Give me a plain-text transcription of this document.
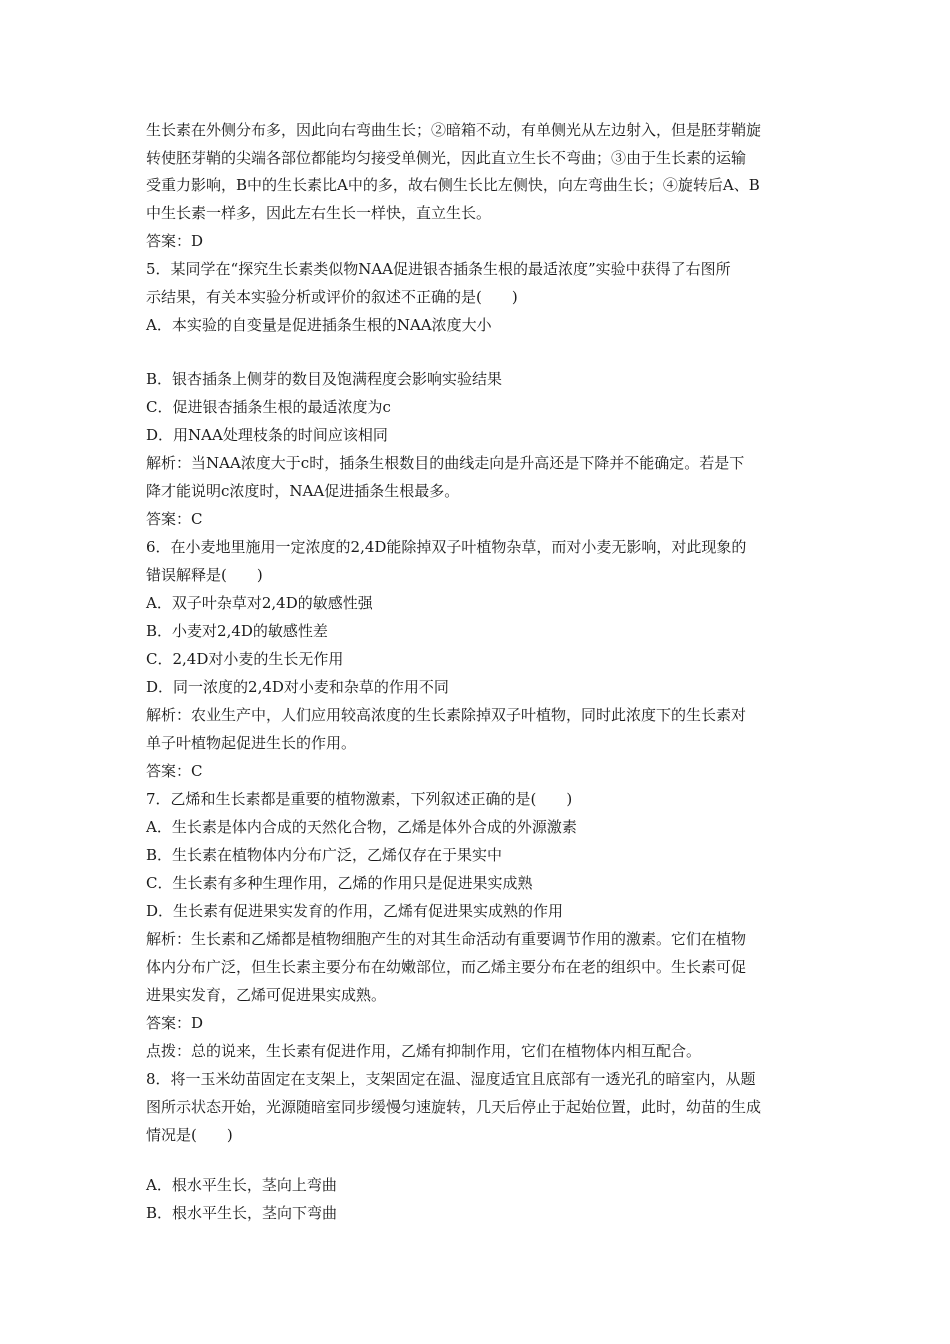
生长素在外侧分布多，因此向右弯曲生长；②暗箱不动，有单侧光从左边射入，但是胚芽鞘旋
转使胚芽鞘的尖端各部位都能均匀接受单侧光，因此直立生长不弯曲；③由于生长素的运输
受重力影响，B中的生长素比A中的多，故右侧生长比左侧快，向左弯曲生长；④旋转后A、B
中生长素一样多，因此左右生长一样快，直立生长。
答案：D
5．某同学在“探究生长素类似物NAA促进银杏插条生根的最适浓度”实验中获得了右图所
示结果，有关本实验分析或评价的叙述不正确的是(　　)
A．本实验的自变量是促进插条生根的NAA浓度大小
B．银杏插条上侧芽的数目及饱满程度会影响实验结果
C．促进银杏插条生根的最适浓度为c
D．用NAA处理枝条的时间应该相同
解析：当NAA浓度大于c时，插条生根数目的曲线走向是升高还是下降并不能确定。若是下
降才能说明c浓度时，NAA促进插条生根最多。
答案：C
6．在小麦地里施用一定浓度的2,4D能除掉双子叶植物杂草，而对小麦无影响，对此现象的
错误解释是(　　)
A．双子叶杂草对2,4D的敏感性强
B．小麦对2,4D的敏感性差
C．2,4D对小麦的生长无作用
D．同一浓度的2,4D对小麦和杂草的作用不同
解析：农业生产中，人们应用较高浓度的生长素除掉双子叶植物，同时此浓度下的生长素对
单子叶植物起促进生长的作用。
答案：C
7．乙烯和生长素都是重要的植物激素，下列叙述正确的是(　　)
A．生长素是体内合成的天然化合物，乙烯是体外合成的外源激素
B．生长素在植物体内分布广泛，乙烯仅存在于果实中
C．生长素有多种生理作用，乙烯的作用只是促进果实成熟
D．生长素有促进果实发育的作用，乙烯有促进果实成熟的作用
解析：生长素和乙烯都是植物细胞产生的对其生命活动有重要调节作用的激素。它们在植物
体内分布广泛，但生长素主要分布在幼嫩部位，而乙烯主要分布在老的组织中。生长素可促
进果实发育，乙烯可促进果实成熟。
答案：D
点拨：总的说来，生长素有促进作用，乙烯有抑制作用，它们在植物体内相互配合。
8．将一玉米幼苗固定在支架上，支架固定在温、湿度适宜且底部有一透光孔的暗室内，从题
图所示状态开始，光源随暗室同步缓慢匀速旋转，几天后停止于起始位置，此时，幼苗的生成
情况是(　　)
A．根水平生长，茎向上弯曲
B．根水平生长，茎向下弯曲
